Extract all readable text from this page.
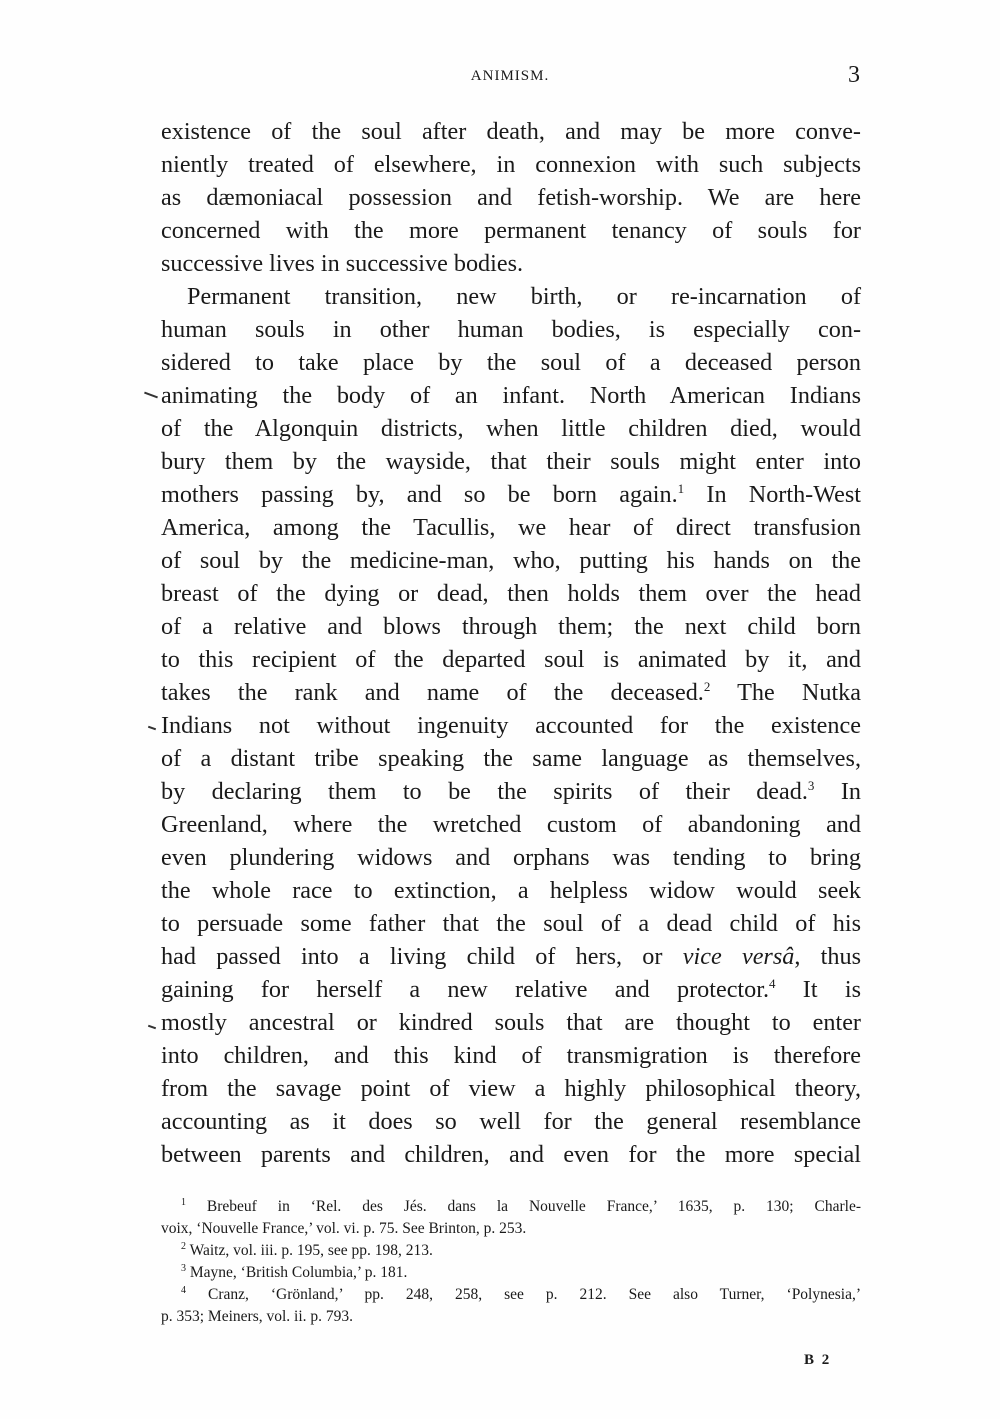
ANIMISM.	3
existence of the soul after death, and may be more conve-
niently treated of elsewhere, in connexion with such subjects
as dæmoniacal possession and fetish-worship. We are here
concerned with the more permanent tenancy of souls for
successive lives in successive bodies.
Permanent transition, new birth, or re-incarnation of
human souls in other human bodies, is especially con-
sidered to take place by the soul of a deceased person
animating the body of an infant. North American Indians
of the Algonquin districts, when little children died, would
bury them by the wayside, that their souls might enter into
mothers passing by, and so be born again.$^1$ In North-West
America, among the Tacullis, we hear of direct transfusion
of soul by the medicine-man, who, putting his hands on the
breast of the dying or dead, then holds them over the head
of a relative and blows through them; the next child born
to this recipient of the departed soul is animated by it, and
takes the rank and name of the deceased.$^2$ The Nutka
Indians not without ingenuity accounted for the existence
of a distant tribe speaking the same language as themselves,
by declaring them to be the spirits of their dead.$^3$ In
Greenland, where the wretched custom of abandoning and
even plundering widows and orphans was tending to bring
the whole race to extinction, a helpless widow would seek
to persuade some father that the soul of a dead child of his
had passed into a living child of hers, or vice versâ, thus
gaining for herself a new relative and protector.$^4$ It is
mostly ancestral or kindred souls that are thought to enter
into children, and this kind of transmigration is therefore
from the savage point of view a highly philosophical theory,
accounting as it does so well for the general resemblance
between parents and children, and even for the more special
$^1$ Brebeuf in ‘Rel. des Jés. dans la Nouvelle France,’ 1635, p. 130; Charle-
voix, ‘Nouvelle France,’ vol. vi. p. 75. See Brinton, p. 253.
$^2$ Waitz, vol. iii. p. 195, see pp. 198, 213.
$^3$ Mayne, ‘British Columbia,’ p. 181.
$^4$ Cranz, ‘Grönland,’ pp. 248, 258, see p. 212. See also Turner, ‘Polynesia,’
p. 353; Meiners, vol. ii. p. 793.
B 2
